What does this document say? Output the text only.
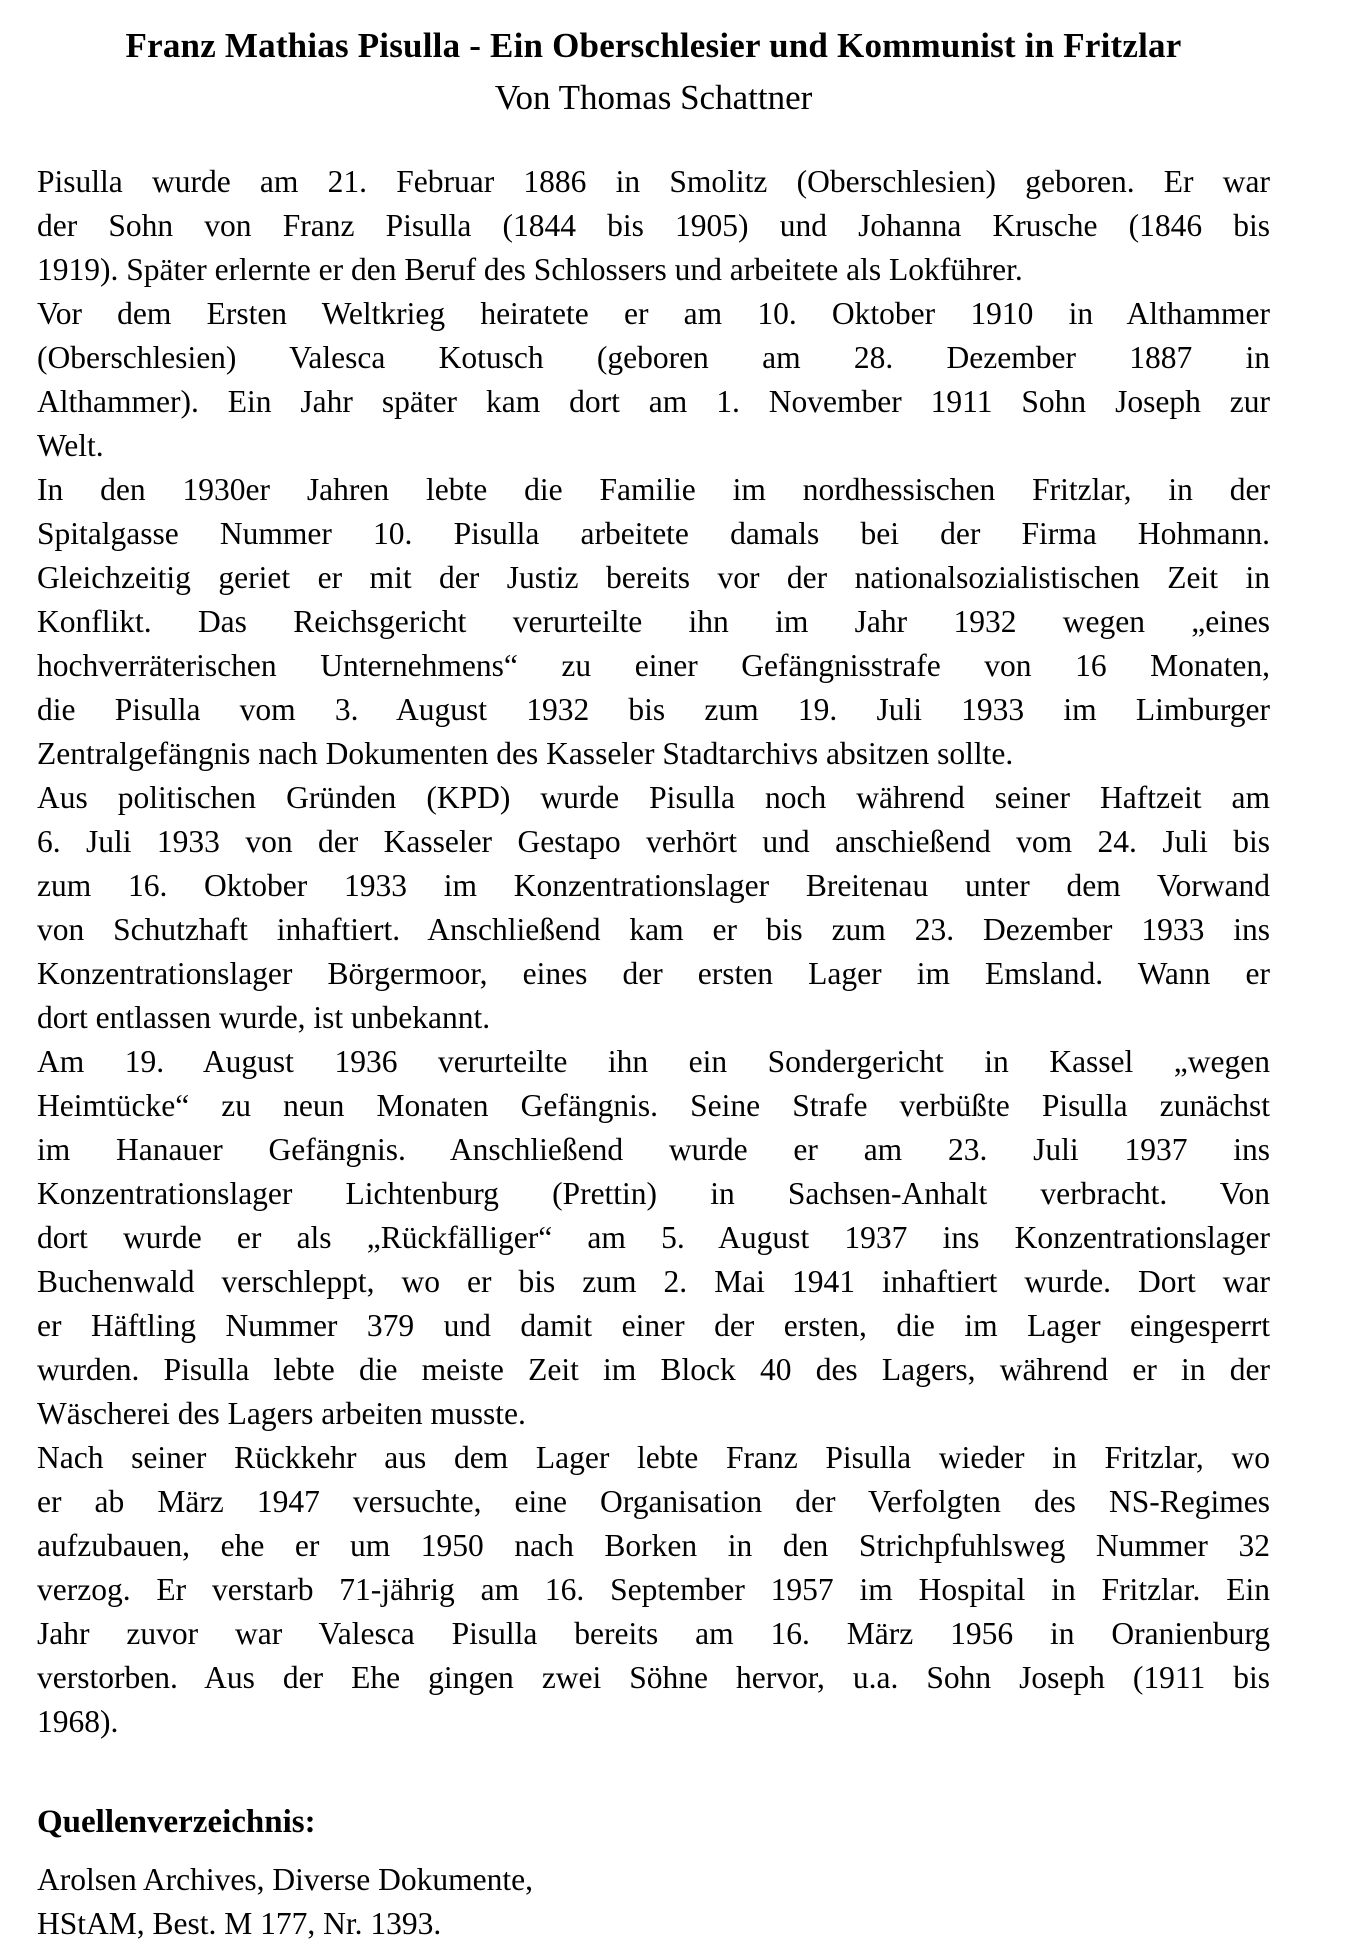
Franz Mathias Pisulla - Ein Oberschlesier und Kommunist in Fritzlar
Von Thomas Schattner
Pisulla wurde am 21. Februar 1886 in Smolitz (Oberschlesien) geboren. Er war
der Sohn von Franz Pisulla (1844 bis 1905) und Johanna Krusche (1846 bis
1919). Später erlernte er den Beruf des Schlossers und arbeitete als Lokführer.
Vor dem Ersten Weltkrieg heiratete er am 10. Oktober 1910 in Althammer
(Oberschlesien) Valesca Kotusch (geboren am 28. Dezember 1887 in
Althammer). Ein Jahr später kam dort am 1. November 1911 Sohn Joseph zur
Welt.
In den 1930er Jahren lebte die Familie im nordhessischen Fritzlar, in der
Spitalgasse Nummer 10. Pisulla arbeitete damals bei der Firma Hohmann.
Gleichzeitig geriet er mit der Justiz bereits vor der nationalsozialistischen Zeit in
Konflikt. Das Reichsgericht verurteilte ihn im Jahr 1932 wegen „eines
hochverräterischen Unternehmens“ zu einer Gefängnisstrafe von 16 Monaten,
die Pisulla vom 3. August 1932 bis zum 19. Juli 1933 im Limburger
Zentralgefängnis nach Dokumenten des Kasseler Stadtarchivs absitzen sollte.
Aus politischen Gründen (KPD) wurde Pisulla noch während seiner Haftzeit am
6. Juli 1933 von der Kasseler Gestapo verhört und anschießend vom 24. Juli bis
zum 16. Oktober 1933 im Konzentrationslager Breitenau unter dem Vorwand
von Schutzhaft inhaftiert. Anschließend kam er bis zum 23. Dezember 1933 ins
Konzentrationslager Börgermoor, eines der ersten Lager im Emsland. Wann er
dort entlassen wurde, ist unbekannt.
Am 19. August 1936 verurteilte ihn ein Sondergericht in Kassel „wegen
Heimtücke“ zu neun Monaten Gefängnis. Seine Strafe verbüßte Pisulla zunächst
im Hanauer Gefängnis. Anschließend wurde er am 23. Juli 1937 ins
Konzentrationslager Lichtenburg (Prettin) in Sachsen-Anhalt verbracht. Von
dort wurde er als „Rückfälliger“ am 5. August 1937 ins Konzentrationslager
Buchenwald verschleppt, wo er bis zum 2. Mai 1941 inhaftiert wurde. Dort war
er Häftling Nummer 379 und damit einer der ersten, die im Lager eingesperrt
wurden. Pisulla lebte die meiste Zeit im Block 40 des Lagers, während er in der
Wäscherei des Lagers arbeiten musste.
Nach seiner Rückkehr aus dem Lager lebte Franz Pisulla wieder in Fritzlar, wo
er ab März 1947 versuchte, eine Organisation der Verfolgten des NS-Regimes
aufzubauen, ehe er um 1950 nach Borken in den Strichpfuhlsweg Nummer 32
verzog. Er verstarb 71-jährig am 16. September 1957 im Hospital in Fritzlar. Ein
Jahr zuvor war Valesca Pisulla bereits am 16. März 1956 in Oranienburg
verstorben. Aus der Ehe gingen zwei Söhne hervor, u.a. Sohn Joseph (1911 bis
1968).
Quellenverzeichnis:
Arolsen Archives, Diverse Dokumente,
HStAM, Best. M 177, Nr. 1393.
